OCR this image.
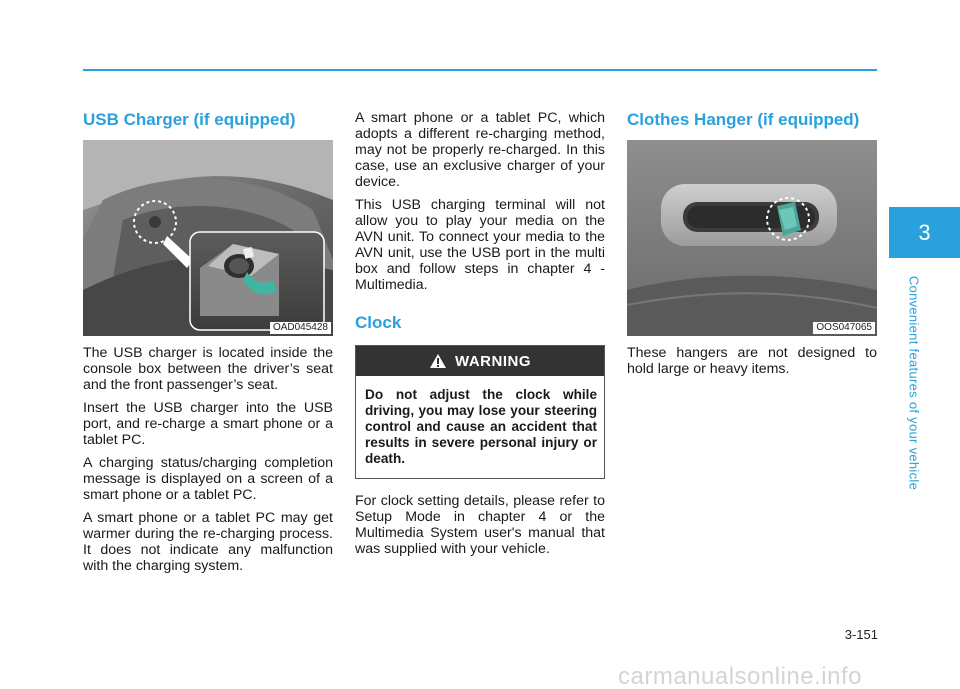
USB Charger (if equipped)
OAD045428

The USB charger is located inside the console box between the driver’s seat and the front passenger’s seat.

Insert the USB charger into the USB port, and re-charge a smart phone or a tablet PC.

A charging status/charging completion message is displayed on a screen of a smart phone or a tablet PC.

A smart phone or a tablet PC may get warmer during the re-charging process. It does not indicate any malfunction with the charging system.

A smart phone or a tablet PC, which adopts a different re-charging method, may not be properly re-charged. In this case, use an exclusive charger of your device.

This USB charging terminal will not allow you to play your media on the AVN unit. To connect your media to the AVN unit, use the USB port in the multi box and follow steps in chapter 4 - Multimedia.

Clock
WARNING
Do not adjust the clock while driving, you may lose your steering control and cause an accident that results in severe personal injury or death.

For clock setting details, please refer to Setup Mode in chapter 4 or the Multimedia System user's manual that was supplied with your vehicle.

Clothes Hanger (if equipped)
OOS047065

These hangers are not designed to hold large or heavy items.

3
Convenient features of your vehicle
3-151
carmanualsonline.info
